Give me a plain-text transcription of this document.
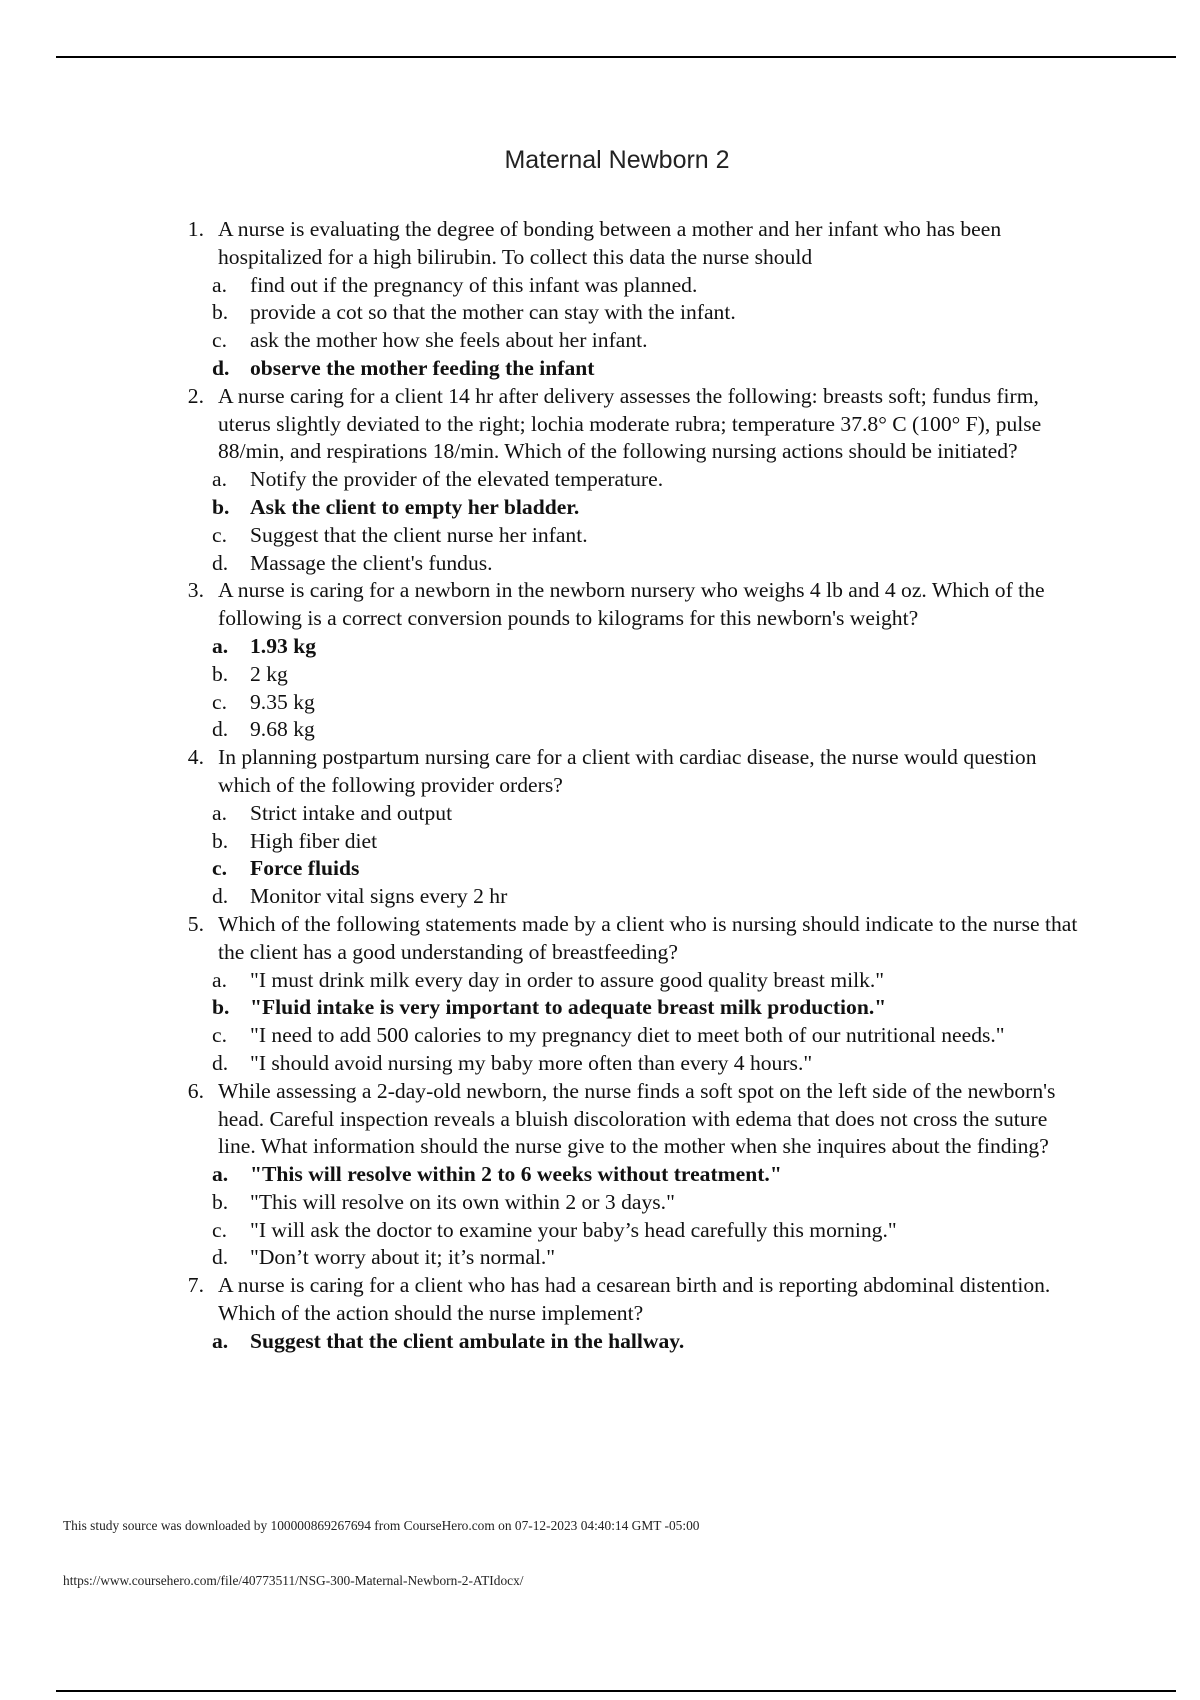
Maternal Newborn 2
1. A nurse is evaluating the degree of bonding between a mother and her infant who has been hospitalized for a high bilirubin. To collect this data the nurse should
a. find out if the pregnancy of this infant was planned.
b. provide a cot so that the mother can stay with the infant.
c. ask the mother how she feels about her infant.
d. observe the mother feeding the infant
2. A nurse caring for a client 14 hr after delivery assesses the following: breasts soft; fundus firm, uterus slightly deviated to the right; lochia moderate rubra; temperature 37.8° C (100° F), pulse 88/min, and respirations 18/min. Which of the following nursing actions should be initiated?
a. Notify the provider of the elevated temperature.
b. Ask the client to empty her bladder.
c. Suggest that the client nurse her infant.
d. Massage the client's fundus.
3. A nurse is caring for a newborn in the newborn nursery who weighs 4 lb and 4 oz. Which of the following is a correct conversion pounds to kilograms for this newborn's weight?
a. 1.93 kg
b. 2 kg
c. 9.35 kg
d. 9.68 kg
4. In planning postpartum nursing care for a client with cardiac disease, the nurse would question which of the following provider orders?
a. Strict intake and output
b. High fiber diet
c. Force fluids
d. Monitor vital signs every 2 hr
5. Which of the following statements made by a client who is nursing should indicate to the nurse that the client has a good understanding of breastfeeding?
a. "I must drink milk every day in order to assure good quality breast milk."
b. "Fluid intake is very important to adequate breast milk production."
c. "I need to add 500 calories to my pregnancy diet to meet both of our nutritional needs."
d. "I should avoid nursing my baby more often than every 4 hours."
6. While assessing a 2-day-old newborn, the nurse finds a soft spot on the left side of the newborn's head. Careful inspection reveals a bluish discoloration with edema that does not cross the suture line. What information should the nurse give to the mother when she inquires about the finding?
a. "This will resolve within 2 to 6 weeks without treatment."
b. "This will resolve on its own within 2 or 3 days."
c. "I will ask the doctor to examine your baby’s head carefully this morning."
d. "Don’t worry about it; it’s normal."
7. A nurse is caring for a client who has had a cesarean birth and is reporting abdominal distention. Which of the action should the nurse implement?
a. Suggest that the client ambulate in the hallway.
This study source was downloaded by 100000869267694 from CourseHero.com on 07-12-2023 04:40:14 GMT -05:00
https://www.coursehero.com/file/40773511/NSG-300-Maternal-Newborn-2-ATIdocx/
